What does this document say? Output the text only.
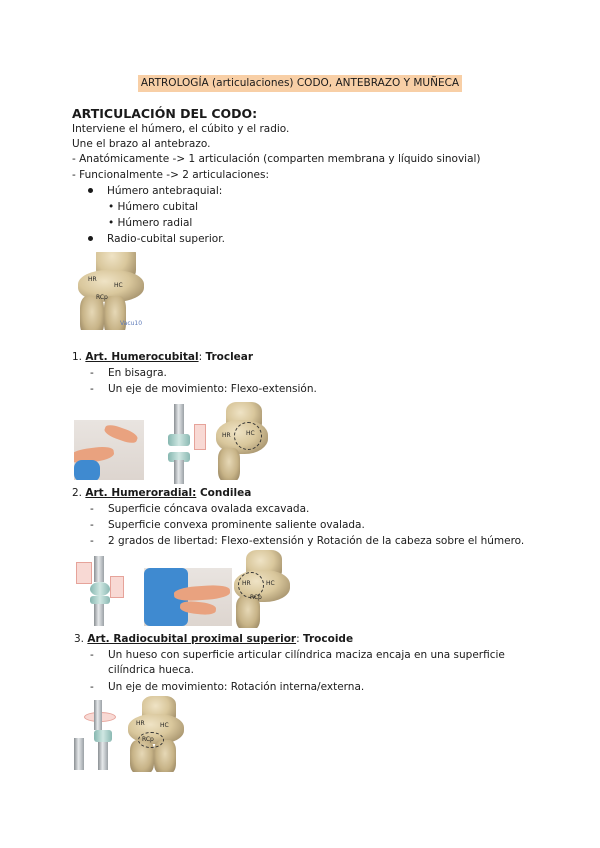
ARTROLOGÍA (articulaciones) CODO, ANTEBRAZO Y MUÑECA
ARTICULACIÓN DEL CODO:
Interviene el húmero, el cúbito y el radio.
Une el brazo al antebrazo.
- Anatómicamente -> 1 articulación (comparten membrana y líquido sinovial)
- Funcionalmente -> 2 articulaciones:
Húmero antebraquial:
• Húmero cubital
• Húmero radial
Radio-cubital superior.
HR
HC
RCp
Vacu10
1. Art. Humerocubital: Troclear
- En bisagra.
- Un eje de movimiento: Flexo-extensión.
HR	HC
2. Art. Humeroradial: Condilea
- Superficie cóncava ovalada excavada.
- Superficie convexa prominente saliente ovalada.
- 2 grados de libertad: Flexo-extensión y Rotación de la cabeza sobre el húmero.
HR	HC
RCp
3. Art. Radiocubital proximal superior: Trocoide
- Un hueso con superficie articular cilíndrica maciza encaja en una superficie
cilíndrica hueca.
- Un eje de movimiento: Rotación interna/externa.
HR	HC
RCp
